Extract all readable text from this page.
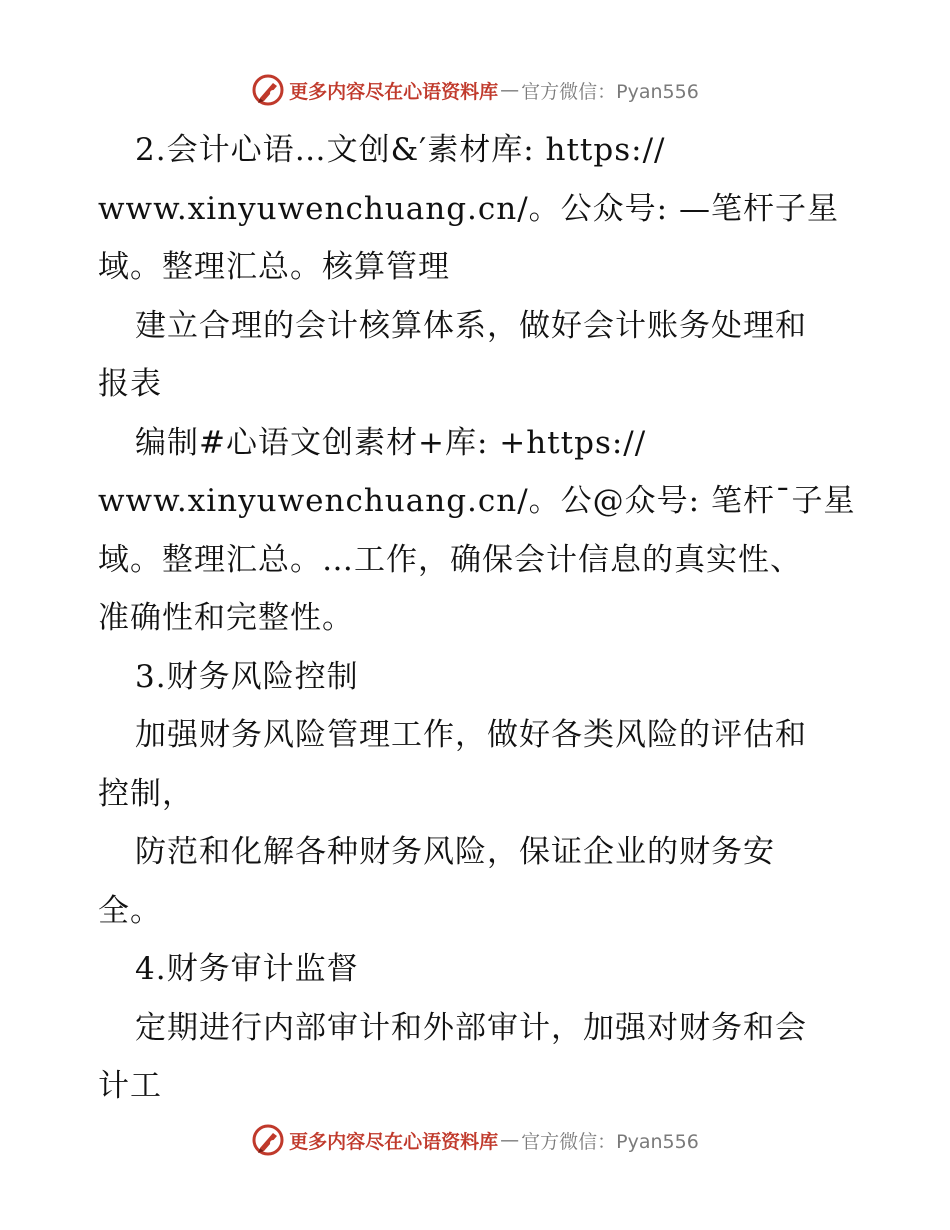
更多内容尽在心语资料库 — 官方微信：Pyan556
2.会计心语…文创&′素材库: https://
www.xinyuwenchuang.cn/。公众号: —笔杆子星
域。整理汇总。核算管理
建立合理的会计核算体系，做好会计账务处理和
报表
编制#心语文创素材+库: +https://
www.xinyuwenchuang.cn/。公@众号: 笔杆¯子星
域。整理汇总。…工作，确保会计信息的真实性、
准确性和完整性。
3.财务风险控制
加强财务风险管理工作，做好各类风险的评估和
控制，
防范和化解各种财务风险，保证企业的财务安
全。
4.财务审计监督
定期进行内部审计和外部审计，加强对财务和会
计工
更多内容尽在心语资料库 — 官方微信：Pyan556
